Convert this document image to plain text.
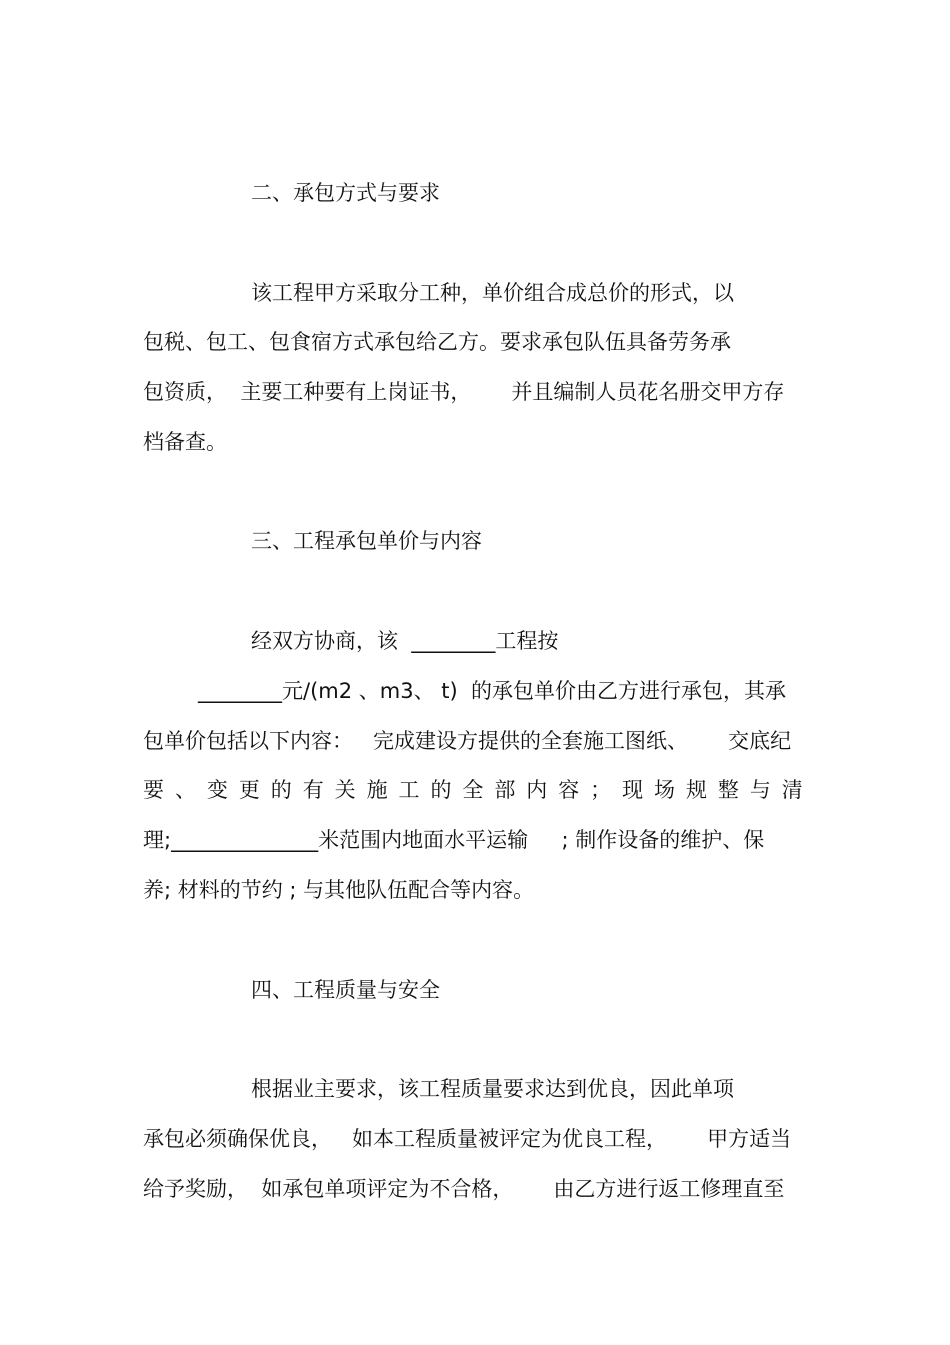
二、承包方式与要求
该工程甲方采取分工种，单价组合成总价的形式，以
包税、包工、包食宿方式承包给乙方。要求承包队伍具备劳务承
包资质，  主要工种要有上岗证书，      并且编制人员花名册交甲方存
档备查。
三、工程承包单价与内容
经双方协商，该  ________工程按
________元/(m2 、m3、 t)  的承包单价由乙方进行承包，其承
包单价包括以下内容：   完成建设方提供的全套施工图纸、      交底纪
要 、 变 更 的 有 关 施 工 的 全 部 内 容 ； 现 场 规 整 与 清
理;______________米范围内地面水平运输     ; 制作设备的维护、保
养; 材料的节约 ; 与其他队伍配合等内容。
四、工程质量与安全
根据业主要求，该工程质量要求达到优良，因此单项
承包必须确保优良，   如本工程质量被评定为优良工程，      甲方适当
给予奖励，  如承包单项评定为不合格，      由乙方进行返工修理直至
